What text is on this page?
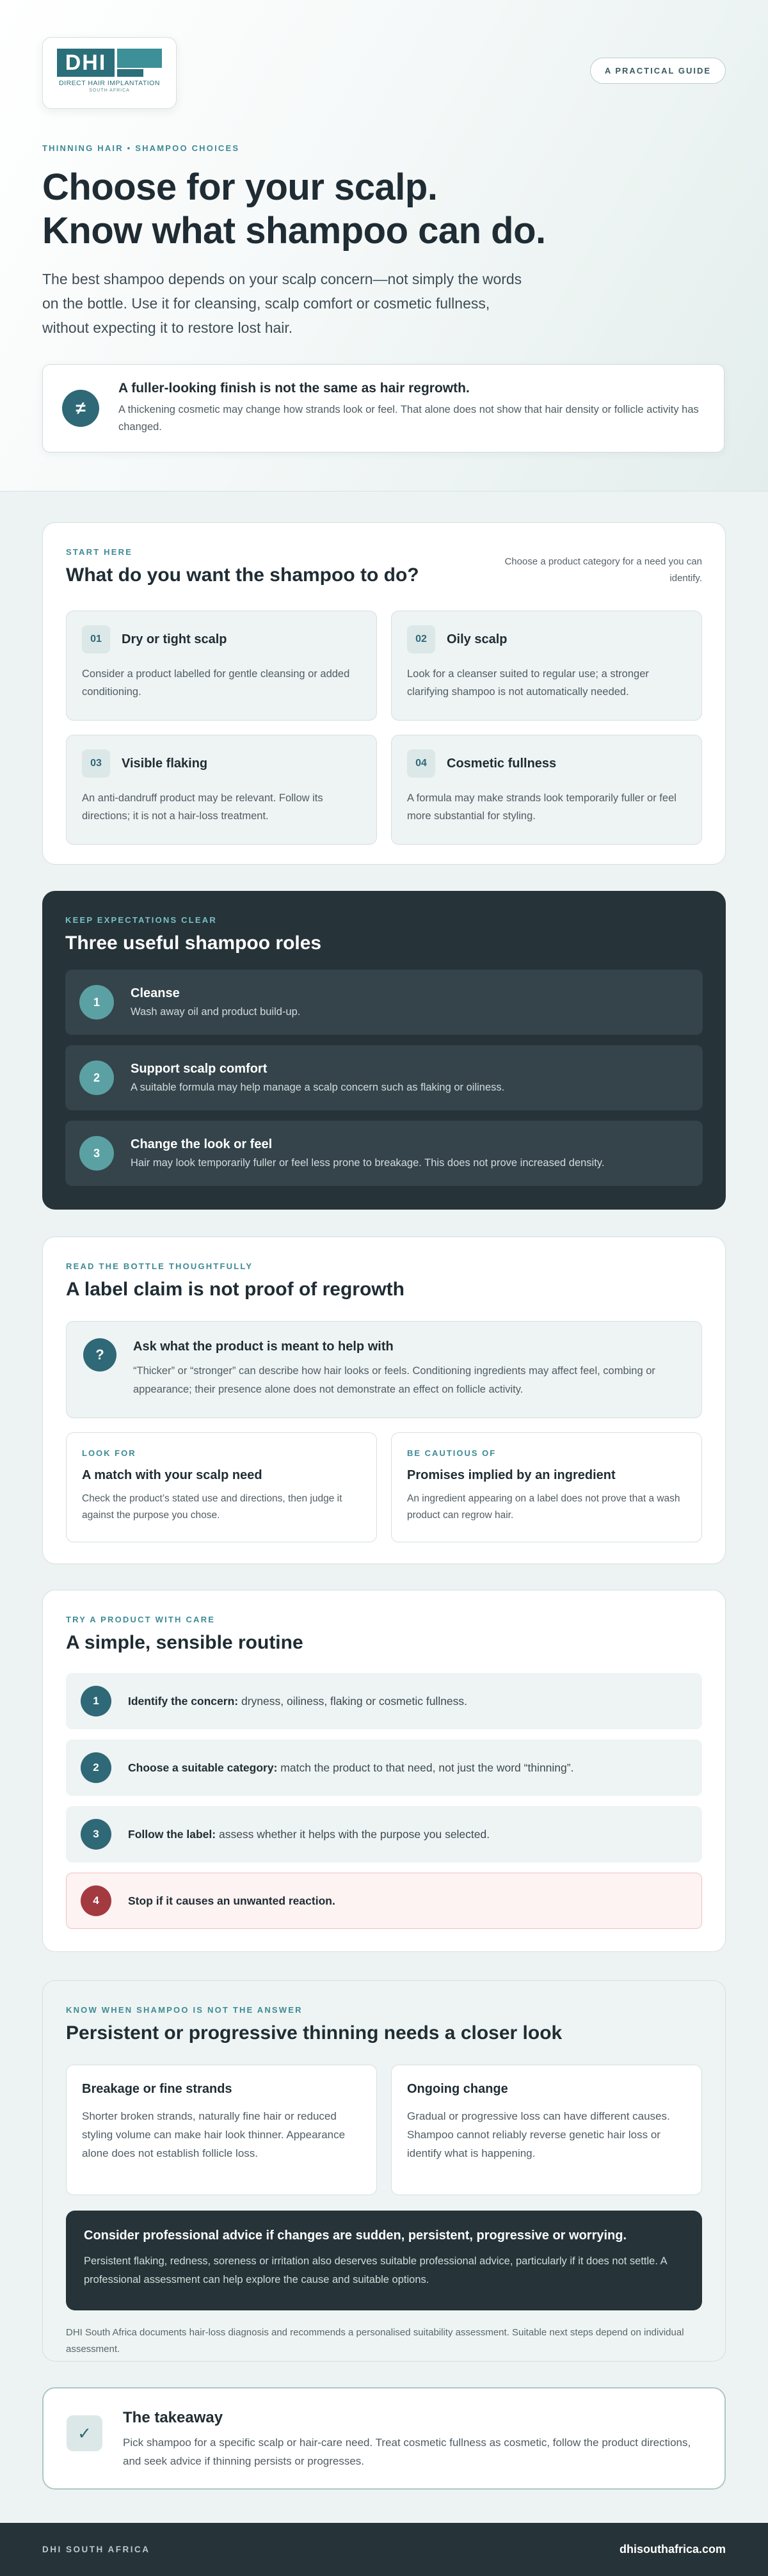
DHI
DIRECT HAIR IMPLANTATION
SOUTH AFRICA
A PRACTICAL GUIDE
THINNING HAIR • SHAMPOO CHOICES
Choose for your scalp.
Know what shampoo can do.

The best shampoo depends on your scalp concern—not simply the words on the bottle. Use it for cleansing, scalp comfort or cosmetic fullness, without expecting it to restore lost hair.

≠
A fuller-looking finish is not the same as hair regrowth.
A thickening cosmetic may change how strands look or feel. That alone does not show that hair density or follicle activity has changed.
START HERE
What do you want the shampoo to do?
Choose a product category for a need you can identify.
01	Dry or tight scalp
Consider a product labelled for gentle cleansing or added conditioning.
02	Oily scalp
Look for a cleanser suited to regular use; a stronger clarifying shampoo is not automatically needed.
03	Visible flaking
An anti-dandruff product may be relevant. Follow its directions; it is not a hair-loss treatment.
04	Cosmetic fullness
A formula may make strands look temporarily fuller or feel more substantial for styling.
KEEP EXPECTATIONS CLEAR
Three useful shampoo roles
1
Cleanse
Wash away oil and product build-up.
2
Support scalp comfort
A suitable formula may help manage a scalp concern such as flaking or oiliness.
3
Change the look or feel
Hair may look temporarily fuller or feel less prone to breakage. This does not prove increased density.
READ THE BOTTLE THOUGHTFULLY
A label claim is not proof of regrowth
?	Ask what the product is meant to help with
“Thicker” or “stronger” can describe how hair looks or feels. Conditioning ingredients may affect feel, combing or appearance; their presence alone does not demonstrate an effect on follicle activity.
LOOK FOR
A match with your scalp need
Check the product’s stated use and directions, then judge it against the purpose you chose.
BE CAUTIOUS OF
Promises implied by an ingredient
An ingredient appearing on a label does not prove that a wash product can regrow hair.
TRY A PRODUCT WITH CARE
A simple, sensible routine
1	Identify the concern: dryness, oiliness, flaking or cosmetic fullness.
2	Choose a suitable category: match the product to that need, not just the word “thinning”.
3	Follow the label: assess whether it helps with the purpose you selected.
4	Stop if it causes an unwanted reaction.
KNOW WHEN SHAMPOO IS NOT THE ANSWER
Persistent or progressive thinning needs a closer look
Breakage or fine strands
Shorter broken strands, naturally fine hair or reduced styling volume can make hair look thinner. Appearance alone does not establish follicle loss.
Ongoing change
Gradual or progressive loss can have different causes. Shampoo cannot reliably reverse genetic hair loss or identify what is happening.
Consider professional advice if changes are sudden, persistent, progressive or worrying.
Persistent flaking, redness, soreness or irritation also deserves suitable professional advice, particularly if it does not settle. A professional assessment can help explore the cause and suitable options.
DHI South Africa documents hair-loss diagnosis and recommends a personalised suitability assessment. Suitable next steps depend on individual assessment.
✓
The takeaway
Pick shampoo for a specific scalp or hair-care need. Treat cosmetic fullness as cosmetic, follow the product directions, and seek advice if thinning persists or progresses.
DHI SOUTH AFRICA	dhisouthafrica.com
